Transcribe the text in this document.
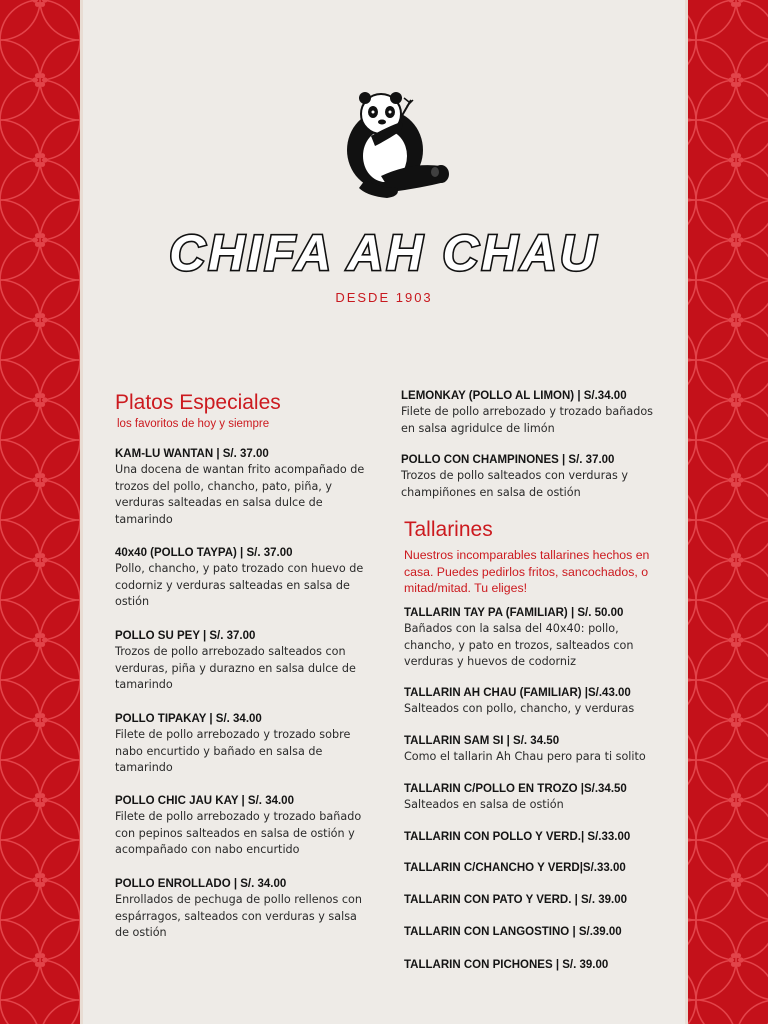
CHIFA AH CHAU
DESDE 1903
Platos Especiales
los favoritos de hoy y siempre
KAM-LU WANTAN | S/. 37.00
Una docena de wantan frito acompañado de trozos del pollo, chancho, pato, piña, y verduras salteadas en salsa dulce de tamarindo
40x40 (POLLO TAYPA) | S/. 37.00
Pollo, chancho, y pato trozado con huevo de codorniz y verduras salteadas en salsa de ostión
POLLO SU PEY | S/. 37.00
Trozos de pollo arrebozado salteados con verduras, piña y durazno en salsa dulce de tamarindo
POLLO TIPAKAY | S/. 34.00
Filete de pollo arrebozado y trozado sobre nabo encurtido y bañado en salsa de tamarindo
POLLO CHIC JAU KAY | S/. 34.00
Filete de pollo arrebozado y trozado bañado con pepinos salteados en salsa de ostión y acompañado con nabo encurtido
POLLO ENROLLADO | S/. 34.00
Enrollados de pechuga de pollo rellenos con espárragos, salteados con verduras y salsa de ostión
LEMONKAY (POLLO AL LIMON) | S/.34.00
Filete de pollo arrebozado y trozado bañados en salsa agridulce de limón
POLLO CON CHAMPINONES | S/. 37.00
Trozos de pollo salteados con verduras y champiñones en salsa de ostión
Tallarines
Nuestros incomparables tallarines hechos en casa. Puedes pedirlos fritos, sancochados, o mitad/mitad. Tu eliges!
TALLARIN TAY PA (FAMILIAR) | S/. 50.00
Bañados con la salsa del 40x40: pollo, chancho, y pato en trozos, salteados con verduras y huevos de codorniz
TALLARIN AH CHAU (FAMILIAR) |S/.43.00
Salteados con pollo, chancho, y verduras
TALLARIN SAM SI | S/. 34.50
Como el tallarin Ah Chau pero para ti solito
TALLARIN C/POLLO EN TROZO |S/.34.50
Salteados en salsa de ostión
TALLARIN CON POLLO Y VERD.| S/.33.00
TALLARIN C/CHANCHO Y VERD|S/.33.00
TALLARIN CON PATO Y VERD. | S/. 39.00
TALLARIN CON LANGOSTINO | S/.39.00
TALLARIN CON PICHONES | S/. 39.00
